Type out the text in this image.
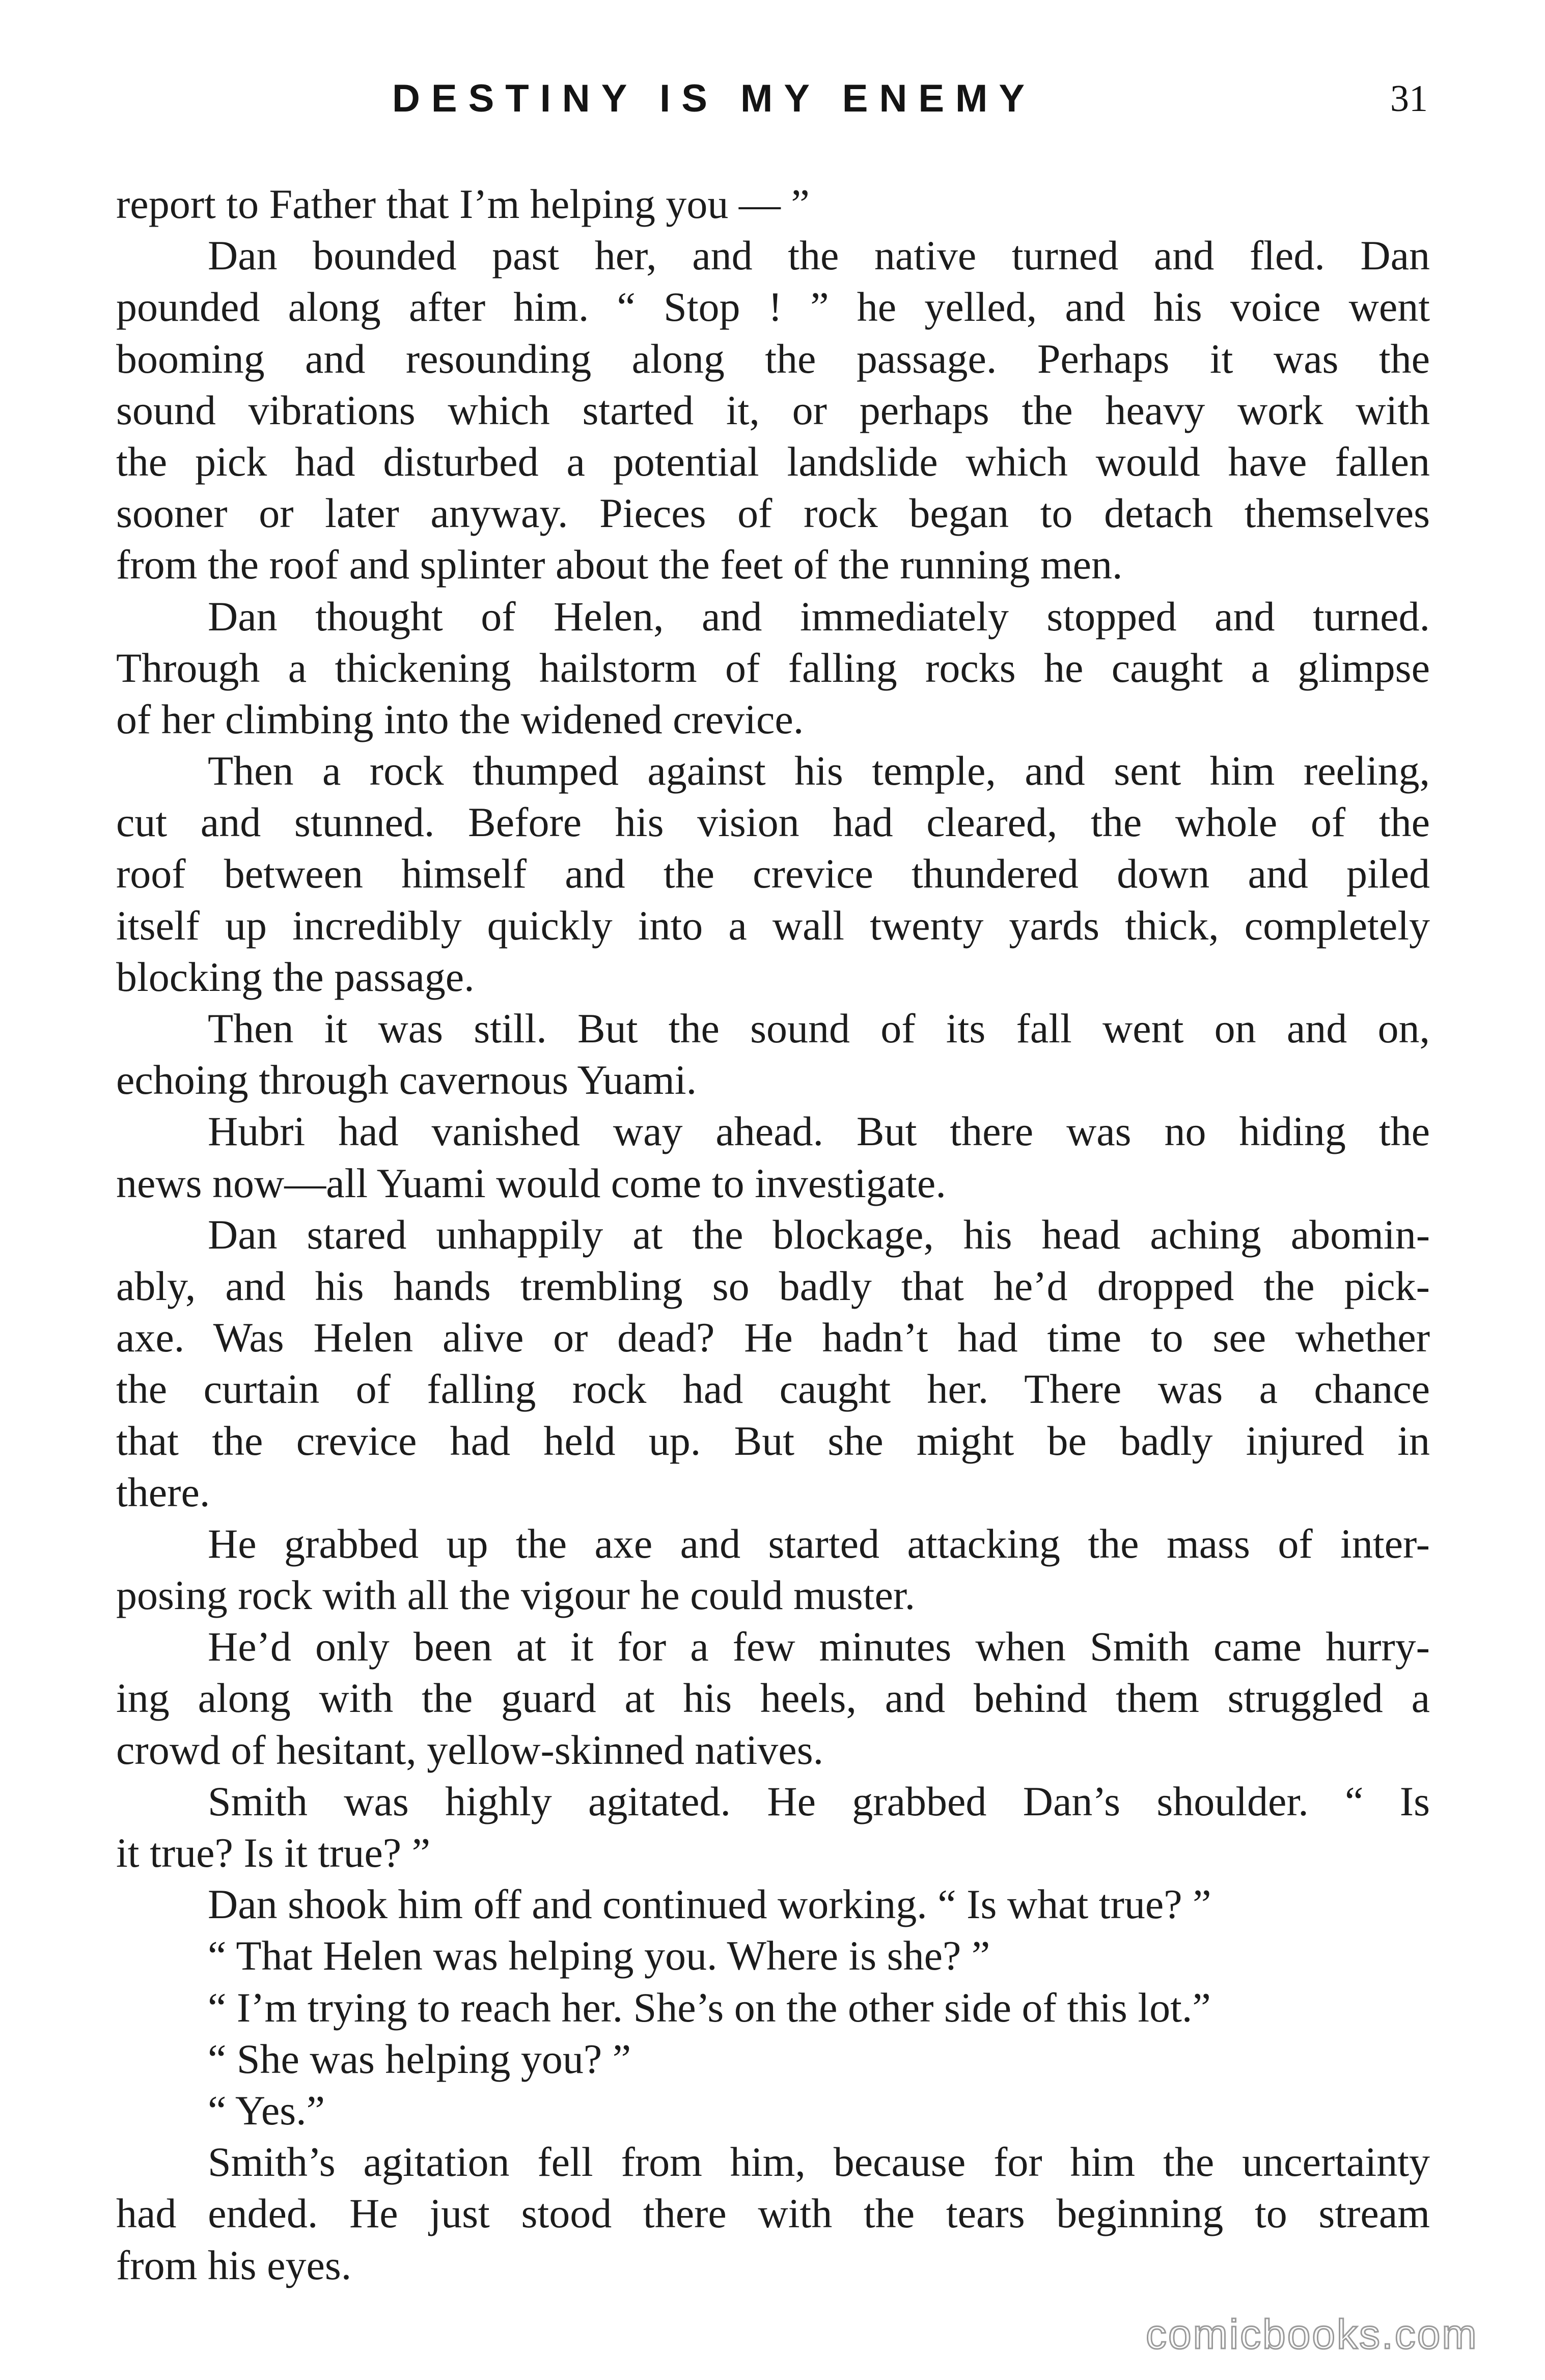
DESTINY IS MY ENEMY	31
report to Father that I’m helping you — ”
Dan bounded past her, and the native turned and fled. Dan
pounded along after him. “ Stop ! ” he yelled, and his voice went
booming and resounding along the passage. Perhaps it was the
sound vibrations which started it, or perhaps the heavy work with
the pick had disturbed a potential landslide which would have fallen
sooner or later anyway. Pieces of rock began to detach themselves
from the roof and splinter about the feet of the running men.
Dan thought of Helen, and immediately stopped and turned.
Through a thickening hailstorm of falling rocks he caught a glimpse
of her climbing into the widened crevice.
Then a rock thumped against his temple, and sent him reeling,
cut and stunned. Before his vision had cleared, the whole of the
roof between himself and the crevice thundered down and piled
itself up incredibly quickly into a wall twenty yards thick, completely
blocking the passage.
Then it was still. But the sound of its fall went on and on,
echoing through cavernous Yuami.
Hubri had vanished way ahead. But there was no hiding the
news now—all Yuami would come to investigate.
Dan stared unhappily at the blockage, his head aching abomin-
ably, and his hands trembling so badly that he’d dropped the pick-
axe. Was Helen alive or dead? He hadn’t had time to see whether
the curtain of falling rock had caught her. There was a chance
that the crevice had held up. But she might be badly injured in
there.
He grabbed up the axe and started attacking the mass of inter-
posing rock with all the vigour he could muster.
He’d only been at it for a few minutes when Smith came hurry-
ing along with the guard at his heels, and behind them struggled a
crowd of hesitant, yellow-skinned natives.
Smith was highly agitated. He grabbed Dan’s shoulder. “ Is
it true? Is it true? ”
Dan shook him off and continued working. “ Is what true? ”
“ That Helen was helping you. Where is she? ”
“ I’m trying to reach her. She’s on the other side of this lot.”
“ She was helping you? ”
“ Yes.”
Smith’s agitation fell from him, because for him the uncertainty
had ended. He just stood there with the tears beginning to stream
from his eyes.
comicbooks.com
